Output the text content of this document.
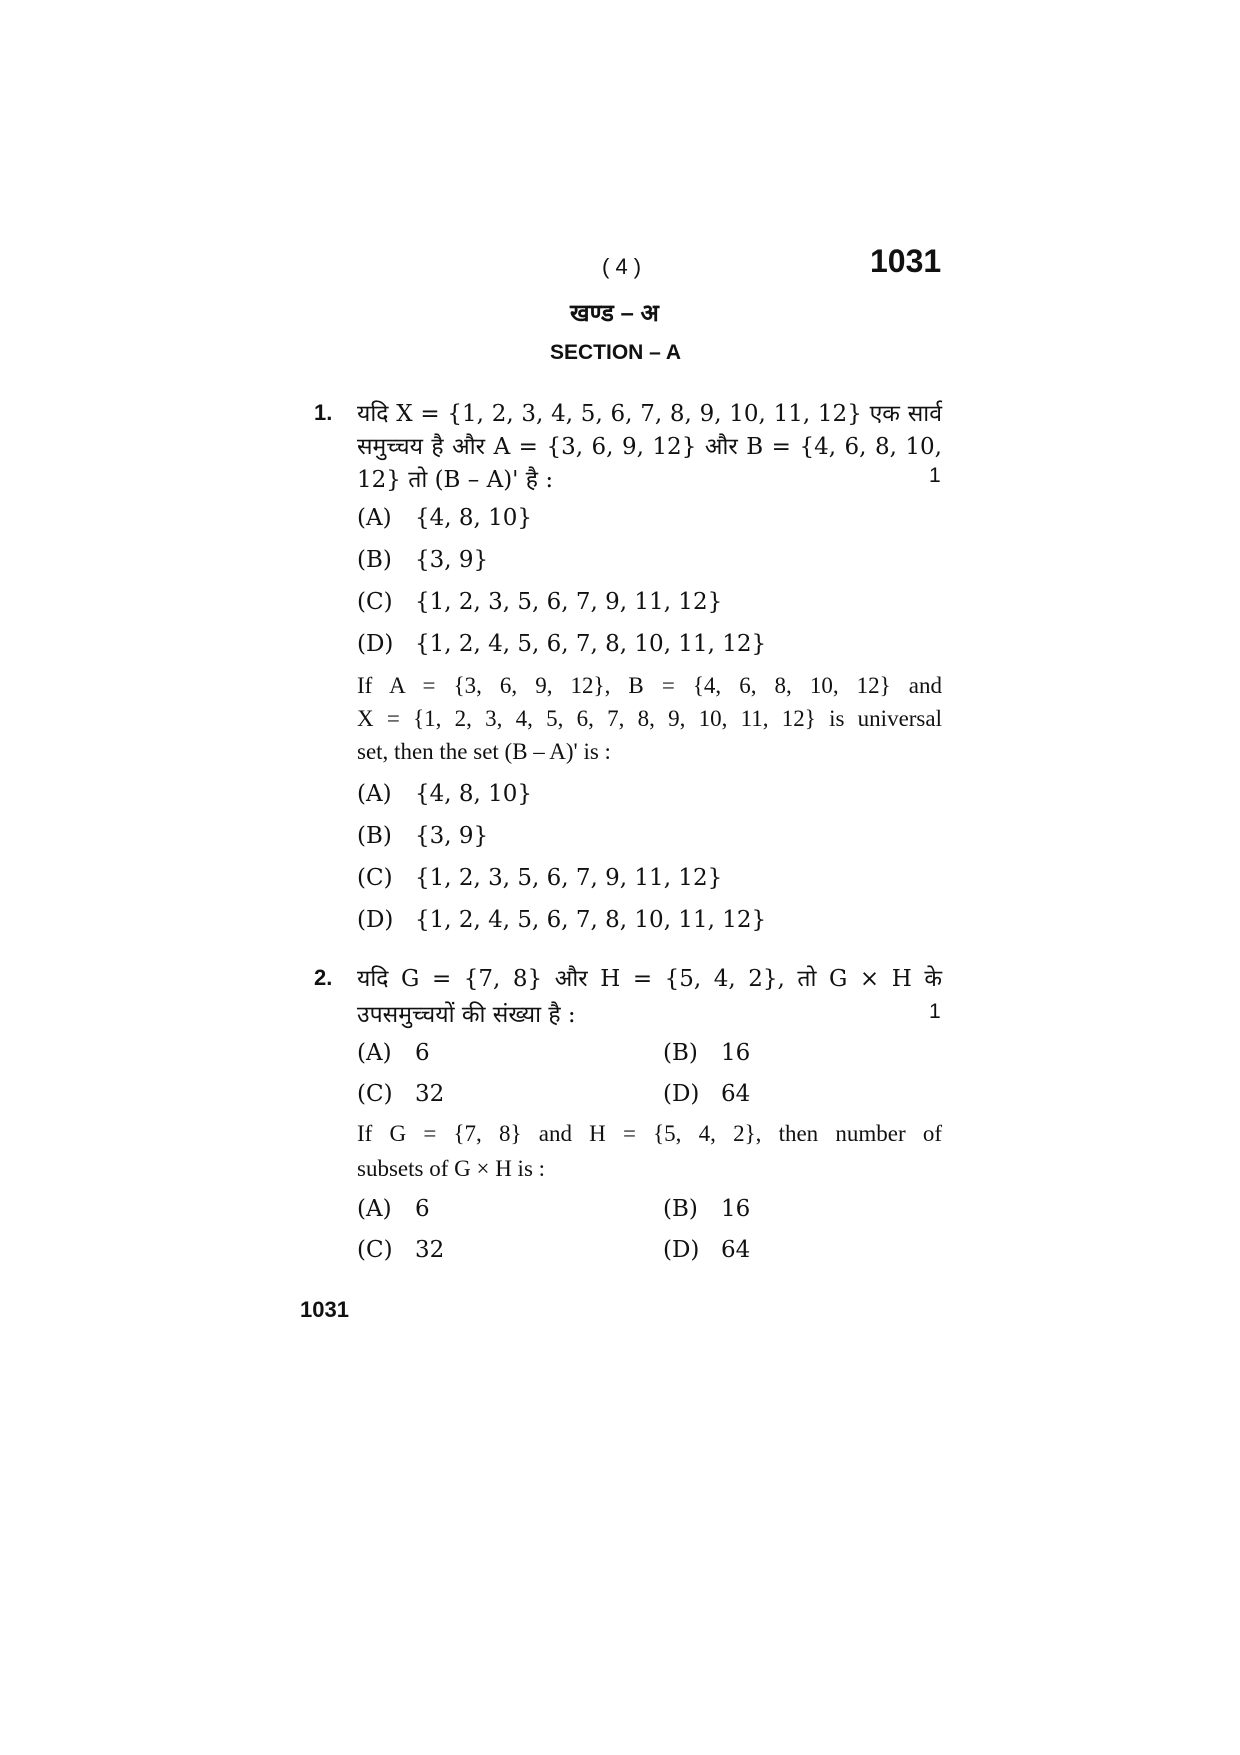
( 4 )	1031
खण्ड – अ
SECTION – A
1. यदि X = {1, 2, 3, 4, 5, 6, 7, 8, 9, 10, 11, 12} एक सार्व
समुच्चय है और A = {3, 6, 9, 12} और B = {4, 6, 8, 10,
12} तो (B – A)' है :	1
(A) {4, 8, 10}
(B) {3, 9}
(C) {1, 2, 3, 5, 6, 7, 9, 11, 12}
(D) {1, 2, 4, 5, 6, 7, 8, 10, 11, 12}
If A = {3, 6, 9, 12}, B = {4, 6, 8, 10, 12} and
X = {1, 2, 3, 4, 5, 6, 7, 8, 9, 10, 11, 12} is universal
set, then the set (B – A)' is :
(A) {4, 8, 10}
(B) {3, 9}
(C) {1, 2, 3, 5, 6, 7, 9, 11, 12}
(D) {1, 2, 4, 5, 6, 7, 8, 10, 11, 12}
2. यदि G = {7, 8} और H = {5, 4, 2}, तो G × H के
उपसमुच्चयों की संख्या है :	1
(A) 6	(B) 16
(C) 32	(D) 64
If G = {7, 8} and H = {5, 4, 2}, then number of
subsets of G × H is :
(A) 6	(B) 16
(C) 32	(D) 64
1031
